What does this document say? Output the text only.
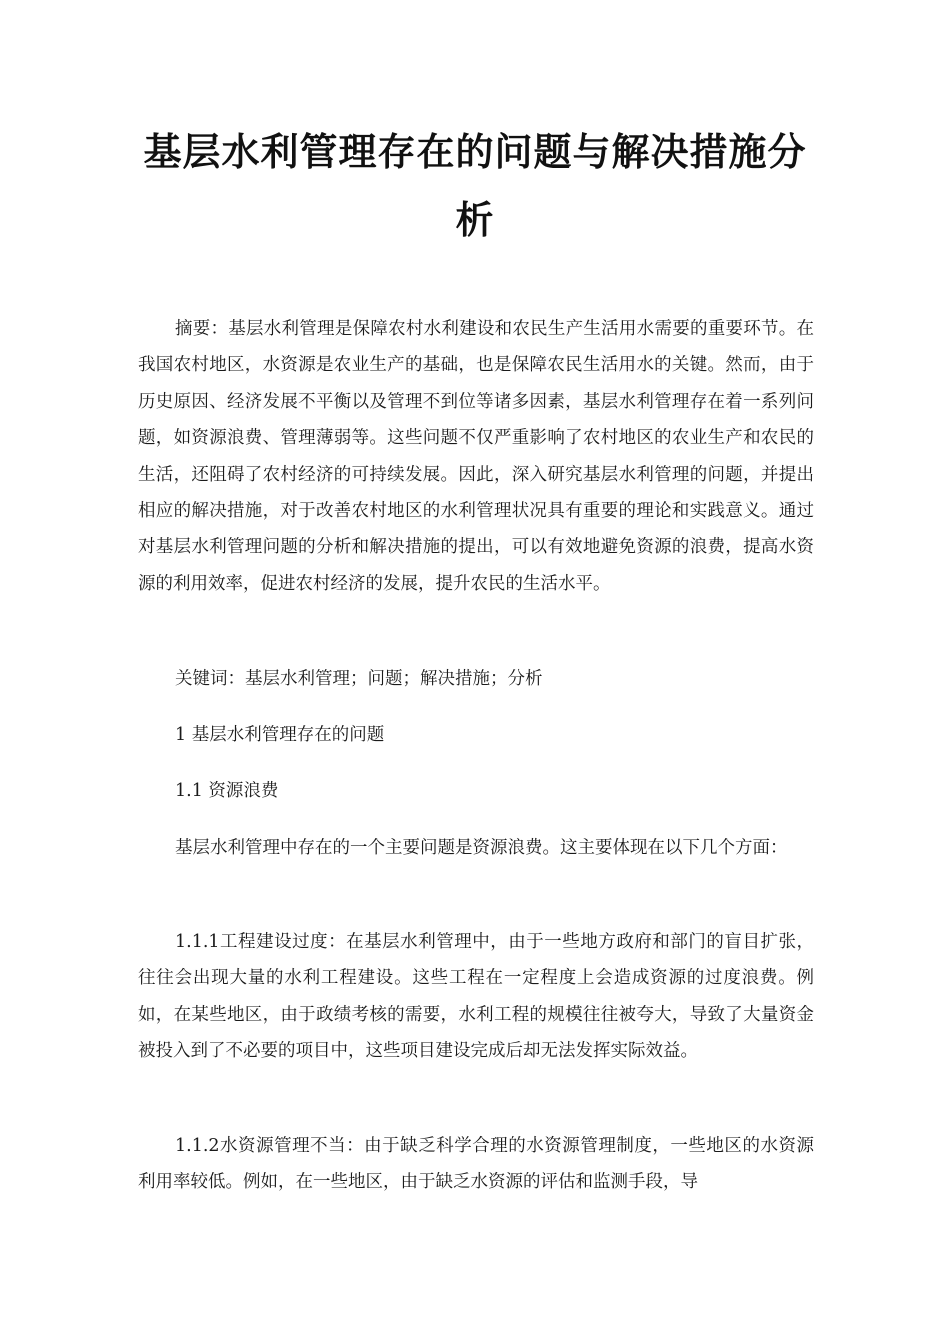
基层水利管理存在的问题与解决措施分析

摘要：基层水利管理是保障农村水利建设和农民生产生活用水需要的重要环节。在我国农村地区，水资源是农业生产的基础，也是保障农民生活用水的关键。然而，由于历史原因、经济发展不平衡以及管理不到位等诸多因素，基层水利管理存在着一系列问题，如资源浪费、管理薄弱等。这些问题不仅严重影响了农村地区的农业生产和农民的生活，还阻碍了农村经济的可持续发展。因此，深入研究基层水利管理的问题，并提出相应的解决措施，对于改善农村地区的水利管理状况具有重要的理论和实践意义。通过对基层水利管理问题的分析和解决措施的提出，可以有效地避免资源的浪费，提高水资源的利用效率，促进农村经济的发展，提升农民的生活水平。

关键词：基层水利管理；问题；解决措施；分析

1 基层水利管理存在的问题

1.1 资源浪费

基层水利管理中存在的一个主要问题是资源浪费。这主要体现在以下几个方面：

1.1.1工程建设过度：在基层水利管理中，由于一些地方政府和部门的盲目扩张，往往会出现大量的水利工程建设。这些工程在一定程度上会造成资源的过度浪费。例如，在某些地区，由于政绩考核的需要，水利工程的规模往往被夸大，导致了大量资金被投入到了不必要的项目中，这些项目建设完成后却无法发挥实际效益。

1.1.2水资源管理不当：由于缺乏科学合理的水资源管理制度，一些地区的水资源利用率较低。例如，在一些地区，由于缺乏水资源的评估和监测手段，导
